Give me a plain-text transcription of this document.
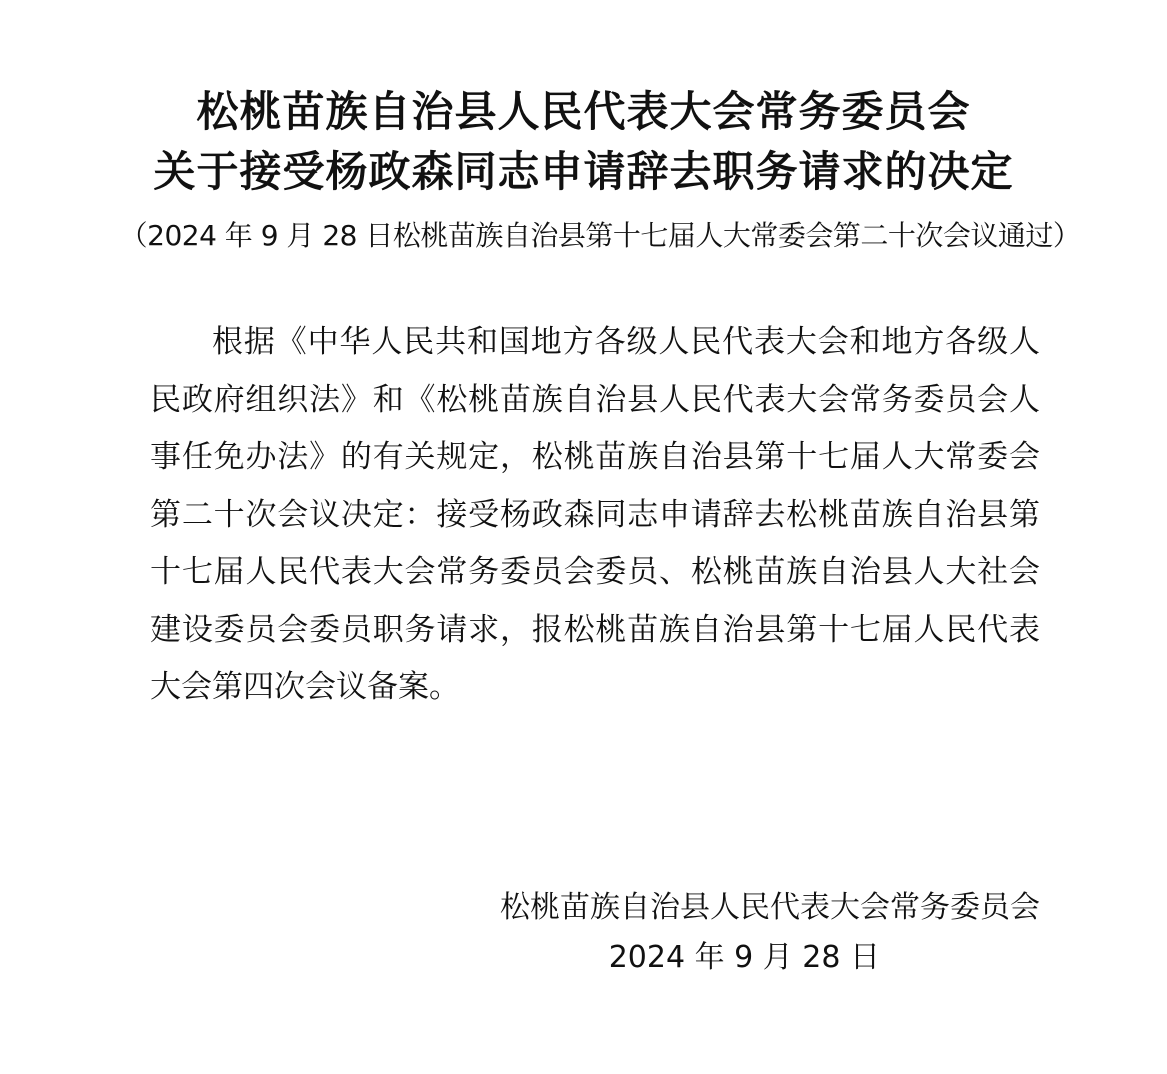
松桃苗族自治县人民代表大会常务委员会
关于接受杨政森同志申请辞去职务请求的决定

（2024 年 9 月 28 日松桃苗族自治县第十七届人大常委会第二十次会议通过）

根据《中华人民共和国地方各级人民代表大会和地方各级人民政府组织法》和《松桃苗族自治县人民代表大会常务委员会人事任免办法》的有关规定，松桃苗族自治县第十七届人大常委会第二十次会议决定：接受杨政森同志申请辞去松桃苗族自治县第十七届人民代表大会常务委员会委员、松桃苗族自治县人大社会建设委员会委员职务请求，报松桃苗族自治县第十七届人民代表大会第四次会议备案。

松桃苗族自治县人民代表大会常务委员会

2024 年 9 月 28 日
